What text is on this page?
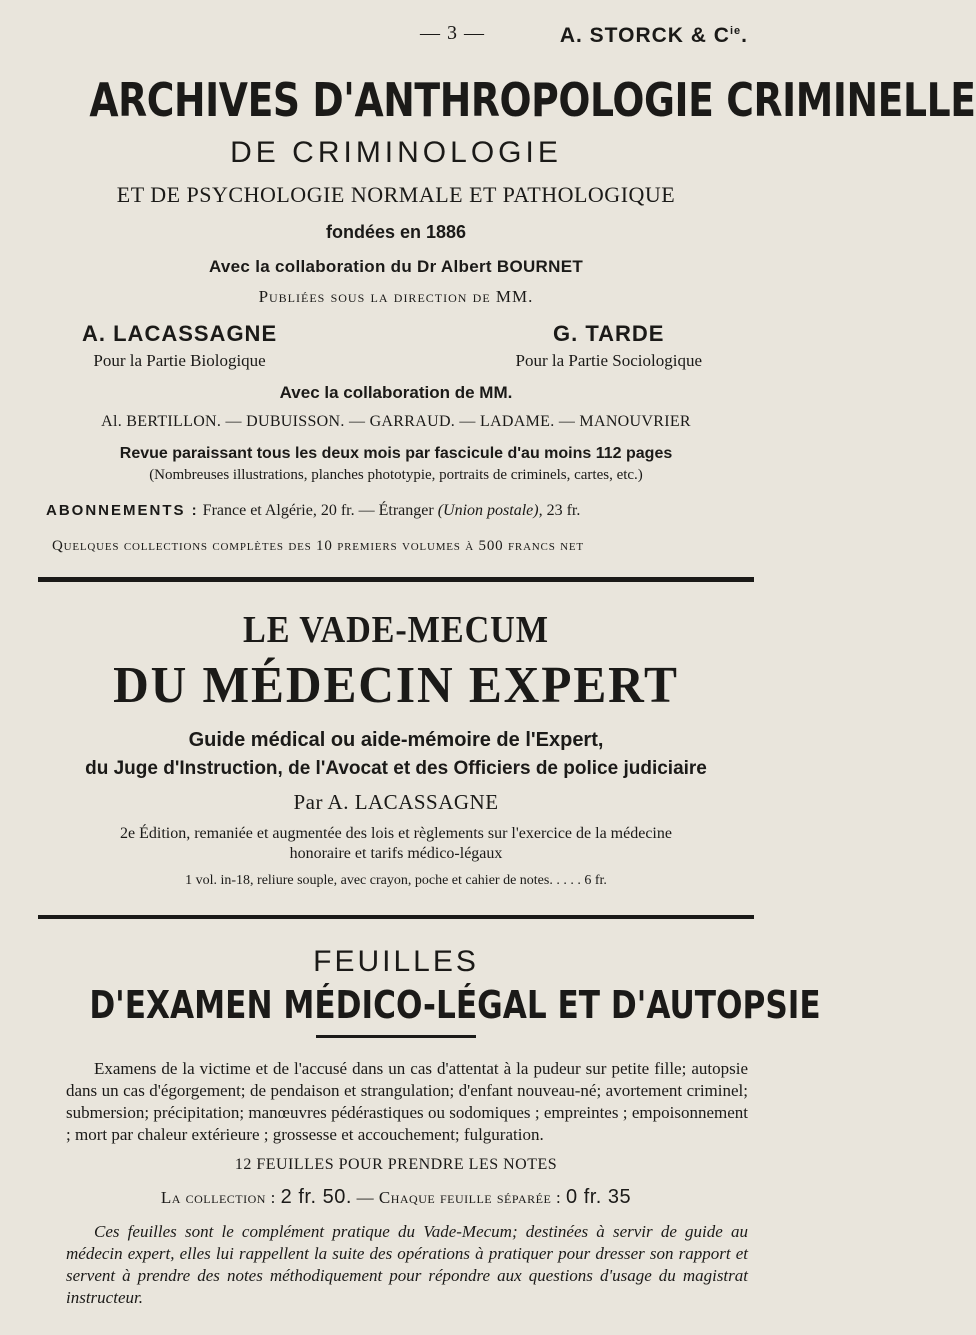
— 3 —	A. STORCK & $C^{ie}$.
ARCHIVES D'ANTHROPOLOGIE CRIMINELLE
DE CRIMINOLOGIE
ET DE PSYCHOLOGIE NORMALE ET PATHOLOGIQUE
fondées en 1886
Avec la collaboration du Dr Albert BOURNET
Publiées sous la direction de MM.
A. LACASSAGNE
Pour la Partie Biologique
G. TARDE
Pour la Partie Sociologique
Avec la collaboration de MM.
Al. BERTILLON. — DUBUISSON. — GARRAUD. — LADAME. — MANOUVRIER
Revue paraissant tous les deux mois par fascicule d'au moins 112 pages
(Nombreuses illustrations, planches phototypie, portraits de criminels, cartes, etc.)
ABONNEMENTS : France et Algérie, 20 fr. — Étranger (Union postale), 23 fr.
Quelques collections complètes des 10 premiers volumes à 500 francs net
LE VADE-MECUM
DU MÉDECIN EXPERT
Guide médical ou aide-mémoire de l'Expert,
du Juge d'Instruction, de l'Avocat et des Officiers de police judiciaire
Par A. LACASSAGNE
2e Édition, remaniée et augmentée des lois et règlements sur l'exercice de la médecine
honoraire et tarifs médico-légaux
1 vol. in-18, reliure souple, avec crayon, poche et cahier de notes. . . . . 6 fr.
FEUILLES
D'EXAMEN MÉDICO-LÉGAL ET D'AUTOPSIE
Examens de la victime et de l'accusé dans un cas d'attentat à la pudeur sur petite fille; autopsie dans un cas d'égorgement; de pendaison et strangulation; d'enfant nouveau-né; avortement criminel; submersion; précipitation; manœuvres pédérastiques ou sodomiques ; empreintes ; empoisonnement ; mort par chaleur extérieure ; grossesse et accouchement; fulguration.
12 FEUILLES POUR PRENDRE LES NOTES
La collection : 2 fr. 50. — Chaque feuille séparée : 0 fr. 35
Ces feuilles sont le complément pratique du Vade-Mecum; destinées à servir de guide au médecin expert, elles lui rappellent la suite des opérations à pratiquer pour dresser son rapport et servent à prendre des notes méthodiquement pour répondre aux questions d'usage du magistrat instructeur.
